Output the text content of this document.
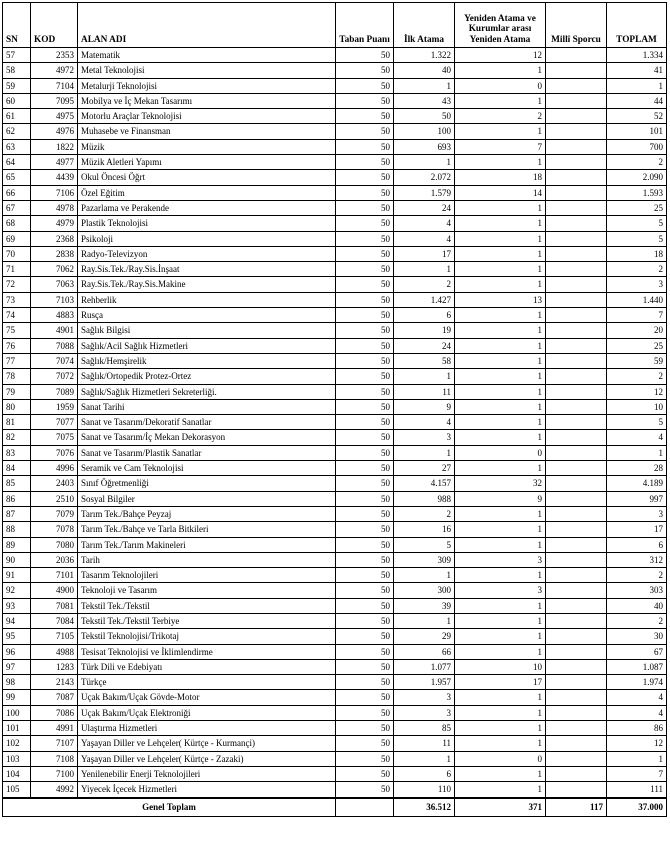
SN	KOD	ALAN ADI	Taban Puanı	İlk Atama	Yeniden Atama ve Kurumlar arası Yeniden Atama	Millî Sporcu	TOPLAM
57	2353	Matematik	50	1.322	12		1.334
58	4972	Metal Teknolojisi	50	40	1		41
59	7104	Metalurji Teknolojisi	50	1	0		1
60	7095	Mobilya ve İç Mekan Tasarımı	50	43	1		44
61	4975	Motorlu Araçlar Teknolojisi	50	50	2		52
62	4976	Muhasebe ve Finansman	50	100	1		101
63	1822	Müzik	50	693	7		700
64	4977	Müzik Aletleri Yapımı	50	1	1		2
65	4439	Okul Öncesi Öğrt	50	2.072	18		2.090
66	7106	Özel Eğitim	50	1.579	14		1.593
67	4978	Pazarlama ve Perakende	50	24	1		25
68	4979	Plastik Teknolojisi	50	4	1		5
69	2368	Psikoloji	50	4	1		5
70	2838	Radyo-Televizyon	50	17	1		18
71	7062	Ray.Sis.Tek./Ray.Sis.İnşaat	50	1	1		2
72	7063	Ray.Sis.Tek./Ray.Sis.Makine	50	2	1		3
73	7103	Rehberlik	50	1.427	13		1.440
74	4883	Rusça	50	6	1		7
75	4901	Sağlık Bilgisi	50	19	1		20
76	7088	Sağlık/Acil Sağlık Hizmetleri	50	24	1		25
77	7074	Sağlık/Hemşirelik	50	58	1		59
78	7072	Sağlık/Ortopedik Protez-Ortez	50	1	1		2
79	7089	Sağlık/Sağlık Hizmetleri Sekreterliği.	50	11	1		12
80	1959	Sanat Tarihi	50	9	1		10
81	7077	Sanat ve Tasarım/Dekoratif Sanatlar	50	4	1		5
82	7075	Sanat ve Tasarım/İç Mekan Dekorasyon	50	3	1		4
83	7076	Sanat ve Tasarım/Plastik Sanatlar	50	1	0		1
84	4996	Seramik ve Cam Teknolojisi	50	27	1		28
85	2403	Sınıf Öğretmenliği	50	4.157	32		4.189
86	2510	Sosyal Bilgiler	50	988	9		997
87	7079	Tarım Tek./Bahçe Peyzaj	50	2	1		3
88	7078	Tarım Tek./Bahçe ve Tarla Bitkileri	50	16	1		17
89	7080	Tarım Tek./Tarım Makineleri	50	5	1		6
90	2036	Tarih	50	309	3		312
91	7101	Tasarım Teknolojileri	50	1	1		2
92	4900	Teknoloji ve Tasarım	50	300	3		303
93	7081	Tekstil Tek./Tekstil	50	39	1		40
94	7084	Tekstil Tek./Tekstil Terbiye	50	1	1		2
95	7105	Tekstil Teknolojisi/Trikotaj	50	29	1		30
96	4988	Tesisat Teknolojisi ve İklimlendirme	50	66	1		67
97	1283	Türk Dili ve Edebiyatı	50	1.077	10		1.087
98	2143	Türkçe	50	1.957	17		1.974
99	7087	Uçak Bakım/Uçak Gövde-Motor	50	3	1		4
100	7086	Uçak Bakım/Uçak Elektroniği	50	3	1		4
101	4991	Ulaştırma Hizmetleri	50	85	1		86
102	7107	Yaşayan Diller ve Lehçeler( Kürtçe - Kurmançi)	50	11	1		12
103	7108	Yaşayan Diller ve Lehçeler( Kürtçe - Zazaki)	50	1	0		1
104	7100	Yenilenebilir Enerji Teknolojileri	50	6	1		7
105	4992	Yiyecek İçecek Hizmetleri	50	110	1		111
Genel Toplam				36.512	371	117	37.000
